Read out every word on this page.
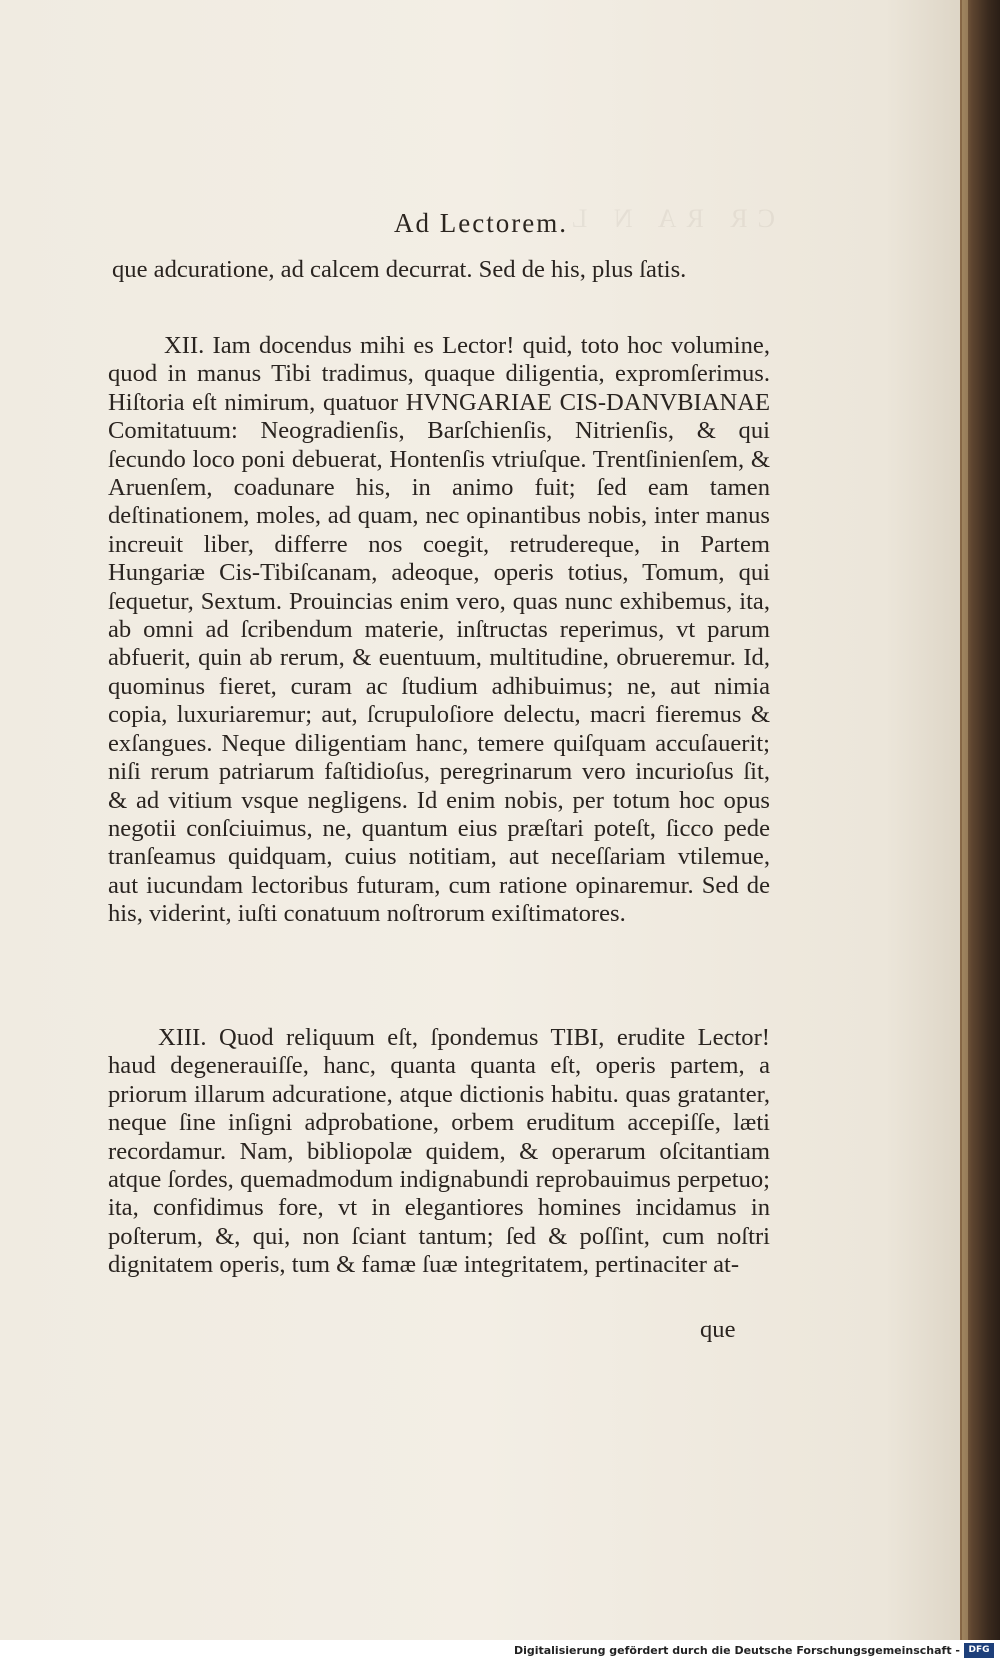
CR RA N L
Ad Lectorem.

que adcuratione, ad calcem decurrat. Sed de his, plus ſatis.

XII. Iam docendus mihi es Lector! quid, toto hoc volumine, quod in manus Tibi tradimus, quaque diligentia, expromſerimus. Hiſtoria eſt nimirum, quatuor HVNGARIAE CIS-DANVBIANAE Comitatuum: Neogradienſis, Barſchienſis, Nitrienſis, & qui ſecundo loco poni debuerat, Hontenſis vtriuſque. Trentſinienſem, & Aruenſem, coadunare his, in animo fuit; ſed eam tamen deſtinationem, moles, ad quam, nec opinantibus nobis, inter manus increuit liber, differre nos coegit, retrudereque, in Partem Hungariæ Cis-Tibiſcanam, adeoque, operis totius, Tomum, qui ſequetur, Sextum. Prouincias enim vero, quas nunc exhibemus, ita, ab omni ad ſcribendum materie, inſtructas reperimus, vt parum abfuerit, quin ab rerum, & euentuum, multitudine, obrueremur. Id, quominus fieret, curam ac ſtudium adhibuimus; ne, aut nimia copia, luxuriaremur; aut, ſcrupuloſiore delectu, macri fieremus & exſangues. Neque diligentiam hanc, temere quiſquam accuſauerit; niſi rerum patriarum faſtidioſus, peregrinarum vero incurioſus ſit, & ad vitium vsque negligens. Id enim nobis, per totum hoc opus negotii conſciuimus, ne, quantum eius præſtari poteſt, ſicco pede tranſeamus quidquam, cuius notitiam, aut neceſſariam vtilemue, aut iucundam lectoribus futuram, cum ratione opinaremur. Sed de his, viderint, iuſti conatuum noſtrorum exiſtimatores.

XIII. Quod reliquum eſt, ſpondemus TIBI, erudite Lector! haud degenerauiſſe, hanc, quanta quanta eſt, operis partem, a priorum illarum adcuratione, atque dictionis habitu. quas gratanter, neque ſine inſigni adprobatione, orbem eruditum accepiſſe, læti recordamur. Nam, bibliopolæ quidem, & operarum oſcitantiam atque ſordes, quemadmodum indignabundi reprobauimus perpetuo; ita, confidimus fore, vt in elegantiores homines incidamus in poſterum, &, qui, non ſciant tantum; ſed & poſſint, cum noſtri dignitatem operis, tum & famæ ſuæ integritatem, pertinaciter at-

que
Digitalisierung gefördert durch die Deutsche Forschungsgemeinschaft - DFG
